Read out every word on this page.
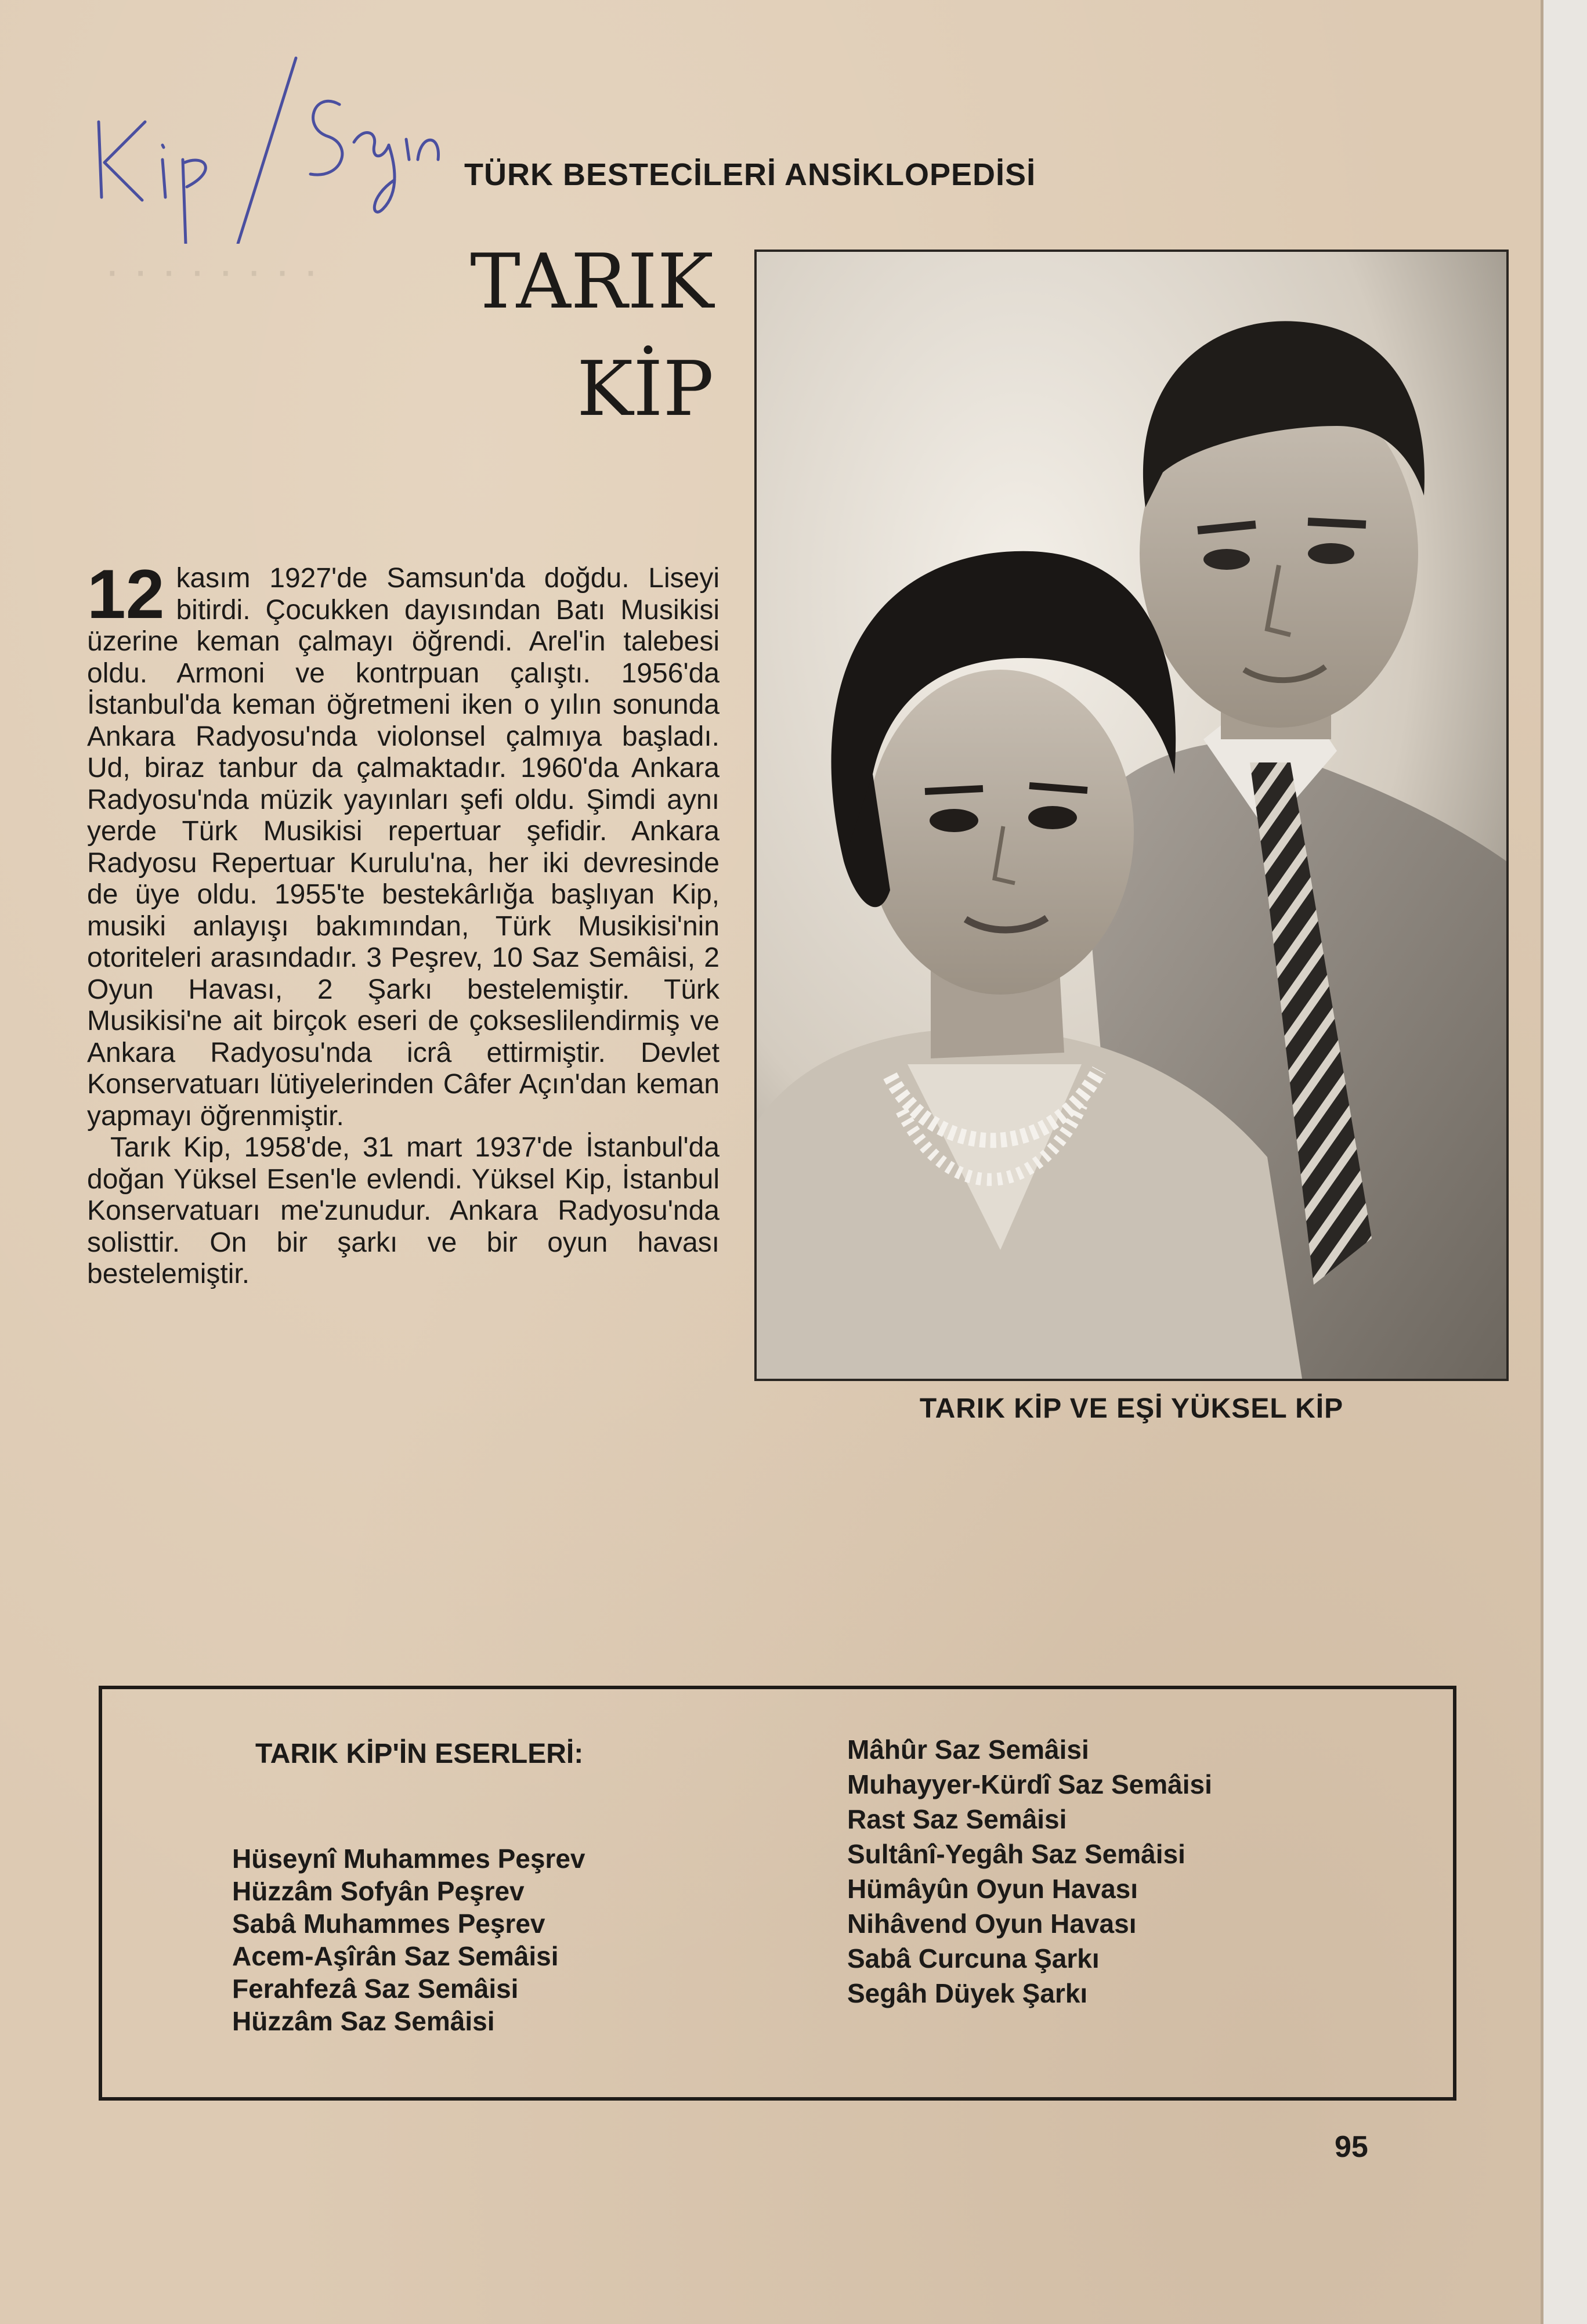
· · · · · · · ·
TÜRK BESTECİLERİ ANSİKLOPEDİSİ
TARIK
KİP

12 kasım 1927'de Samsun'da doğdu. Liseyi bitirdi. Çocukken dayısından Batı Musikisi üzerine keman çalmayı öğrendi. Arel'in talebesi oldu. Armoni ve kontrpuan çalıştı. 1956'da İstanbul'da keman öğretmeni iken o yılın sonunda Ankara Radyosu'nda violonsel çalmıya başladı. Ud, biraz tanbur da çalmaktadır. 1960'da Ankara Radyosu'nda müzik yayınları şefi oldu. Şimdi aynı yerde Türk Musikisi repertuar şefidir. Ankara Radyosu Repertuar Kurulu'na, her iki devresinde de üye oldu. 1955'te bestekârlığa başlıyan Kip, musiki anlayışı bakımından, Türk Musikisi'nin otoriteleri arasındadır. 3 Peşrev, 10 Saz Semâisi, 2 Oyun Havası, 2 Şarkı bestelemiştir. Türk Musikisi'ne ait birçok eseri de çokseslilendirmiş ve Ankara Radyosu'nda icrâ ettirmiştir. Devlet Konservatuarı lütiyelerinden Câfer Açın'dan keman yapmayı öğrenmiştir.

Tarık Kip, 1958'de, 31 mart 1937'de İstanbul'da doğan Yüksel Esen'le evlendi. Yüksel Kip, İstanbul Konservatuarı me'zunudur. Ankara Radyosu'nda solisttir. On bir şarkı ve bir oyun havası bestelemiştir.

TARIK KİP VE EŞİ YÜKSEL KİP
TARIK KİP'İN ESERLERİ:
Hüseynî Muhammes Peşrev
Hüzzâm Sofyân Peşrev
Sabâ Muhammes Peşrev
Acem-Aşîrân Saz Semâisi
Ferahfezâ Saz Semâisi
Hüzzâm Saz Semâisi
Mâhûr Saz Semâisi
Muhayyer-Kürdî Saz Semâisi
Rast Saz Semâisi
Sultânî-Yegâh Saz Semâisi
Hümâyûn Oyun Havası
Nihâvend Oyun Havası
Sabâ Curcuna Şarkı
Segâh Düyek Şarkı
95
